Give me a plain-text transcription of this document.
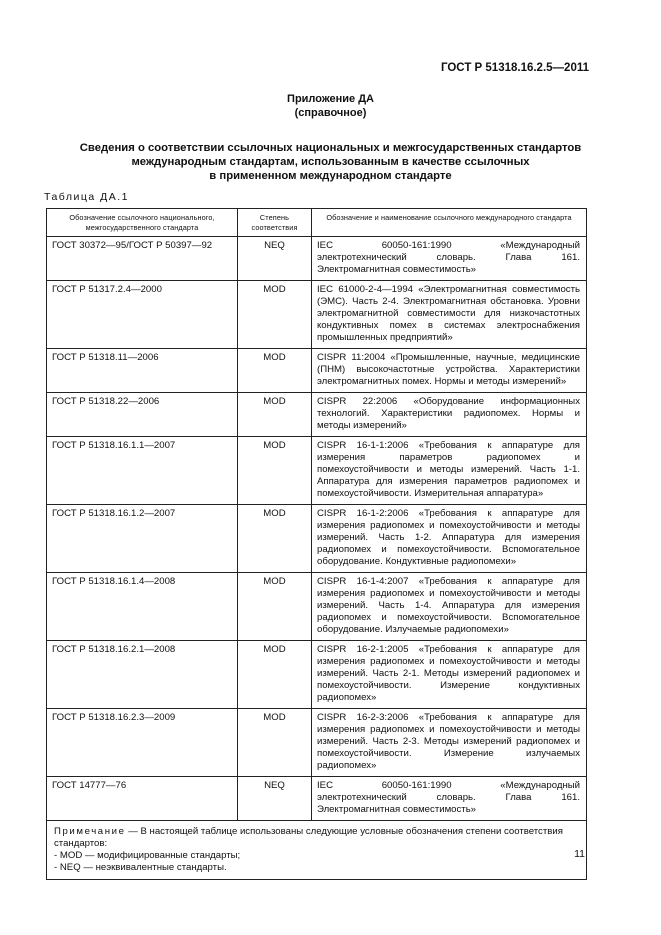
ГОСТ Р 51318.16.2.5—2011
Приложение ДА
(справочное)
Сведения о соответствии ссылочных национальных и межгосударственных стандартов
международным стандартам, использованным в качестве ссылочных
в примененном международном стандарте
Таблица ДА.1
Обозначение ссылочного национального, межгосударственного стандарта	Степень соответствия	Обозначение и наименование ссылочного международного стандарта
ГОСТ 30372—95/ГОСТ Р 50397—92	NEQ	IEC 60050-161:1990 «Международный электротехнический словарь. Глава 161. Электромагнитная совместимость»
ГОСТ Р 51317.2.4—2000	MOD	IEC 61000-2-4—1994 «Электромагнитная совместимость (ЭМС). Часть 2-4. Электромагнитная обстановка. Уровни электромагнитной совместимости для низкочастотных кондуктивных помех в системах электроснабжения промышленных предприятий»
ГОСТ Р 51318.11—2006	MOD	CISPR 11:2004 «Промышленные, научные, медицинские (ПНМ) высокочастотные устройства. Характеристики электромагнитных помех. Нормы и методы измерений»
ГОСТ Р 51318.22—2006	MOD	CISPR 22:2006 «Оборудование информационных технологий. Характеристики радиопомех. Нормы и методы измерений»
ГОСТ Р 51318.16.1.1—2007	MOD	CISPR 16-1-1:2006 «Требования к аппаратуре для измерения параметров радиопомех и помехоустойчивости и методы измерений. Часть 1-1. Аппаратура для измерения параметров радиопомех и помехоустойчивости. Измерительная аппаратура»
ГОСТ Р 51318.16.1.2—2007	MOD	CISPR 16-1-2:2006 «Требования к аппаратуре для измерения радиопомех и помехоустойчивости и методы измерений. Часть 1-2. Аппаратура для измерения радиопомех и помехоустойчивости. Вспомогательное оборудование. Кондуктивные радиопомехи»
ГОСТ Р 51318.16.1.4—2008	MOD	CISPR 16-1-4:2007 «Требования к аппаратуре для измерения радиопомех и помехоустойчивости и методы измерений. Часть 1-4. Аппаратура для измерения радиопомех и помехоустойчивости. Вспомогательное оборудование. Излучаемые радиопомехи»
ГОСТ Р 51318.16.2.1—2008	MOD	CISPR 16-2-1:2005 «Требования к аппаратуре для измерения радиопомех и помехоустойчивости и методы измерений. Часть 2-1. Методы измерений радиопомех и помехоустойчивости. Измерение кондуктивных радиопомех»
ГОСТ Р 51318.16.2.3—2009	MOD	CISPR 16-2-3:2006 «Требования к аппаратуре для измерения радиопомех и помехоустойчивости и методы измерений. Часть 2-3. Методы измерений радиопомех и помехоустойчивости. Измерение излучаемых радиопомех»
ГОСТ 14777—76	NEQ	IEC 60050-161:1990 «Международный электротехнический словарь. Глава 161. Электромагнитная совместимость»
Примечание — В настоящей таблице использованы следующие условные обозначения степени соответствия стандартов:
- MOD — модифицированные стандарты;
- NEQ — неэквивалентные стандарты.		
11
